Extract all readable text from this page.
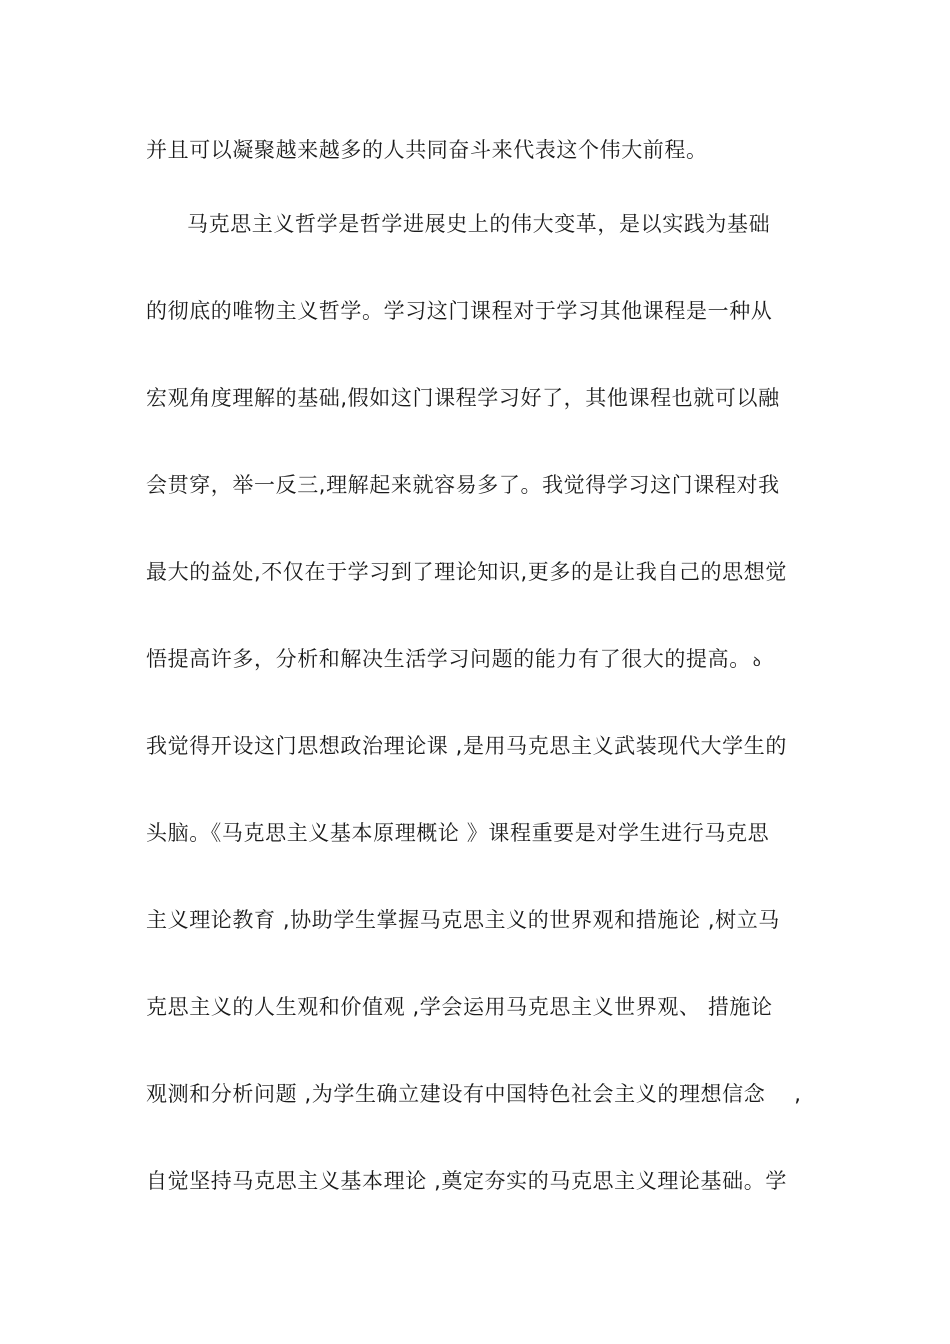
并且可以凝聚越来越多的人共同奋斗来代表这个伟大前程。
马克思主义哲学是哲学进展史上的伟大变革，是以实践为基础
的彻底的唯物主义哲学。学习这门课程对于学习其他课程是一种从
宏观角度理解的基础,假如这门课程学习好了，其他课程也就可以融
会贯穿，举一反三,理解起来就容易多了。我觉得学习这门课程对我
最大的益处,不仅在于学习到了理论知识,更多的是让我自己的思想觉
悟提高许多，分析和解决生活学习问题的能力有了很大的提高。 ꝺ
我觉得开设这门思想政治理论课 ,是用马克思主义武装现代大学生的
头脑。《马克思主义基本原理概论 》课程重要是对学生进行马克思
主义理论教育 ,协助学生掌握马克思主义的世界观和措施论 ,树立马
克思主义的人生观和价值观 ,学会运用马克思主义世界观、 措施论
观测和分析问题 ,为学生确立建设有中国特色社会主义的理想信念　 ,
自觉坚持马克思主义基本理论 ,奠定夯实的马克思主义理论基础。学
